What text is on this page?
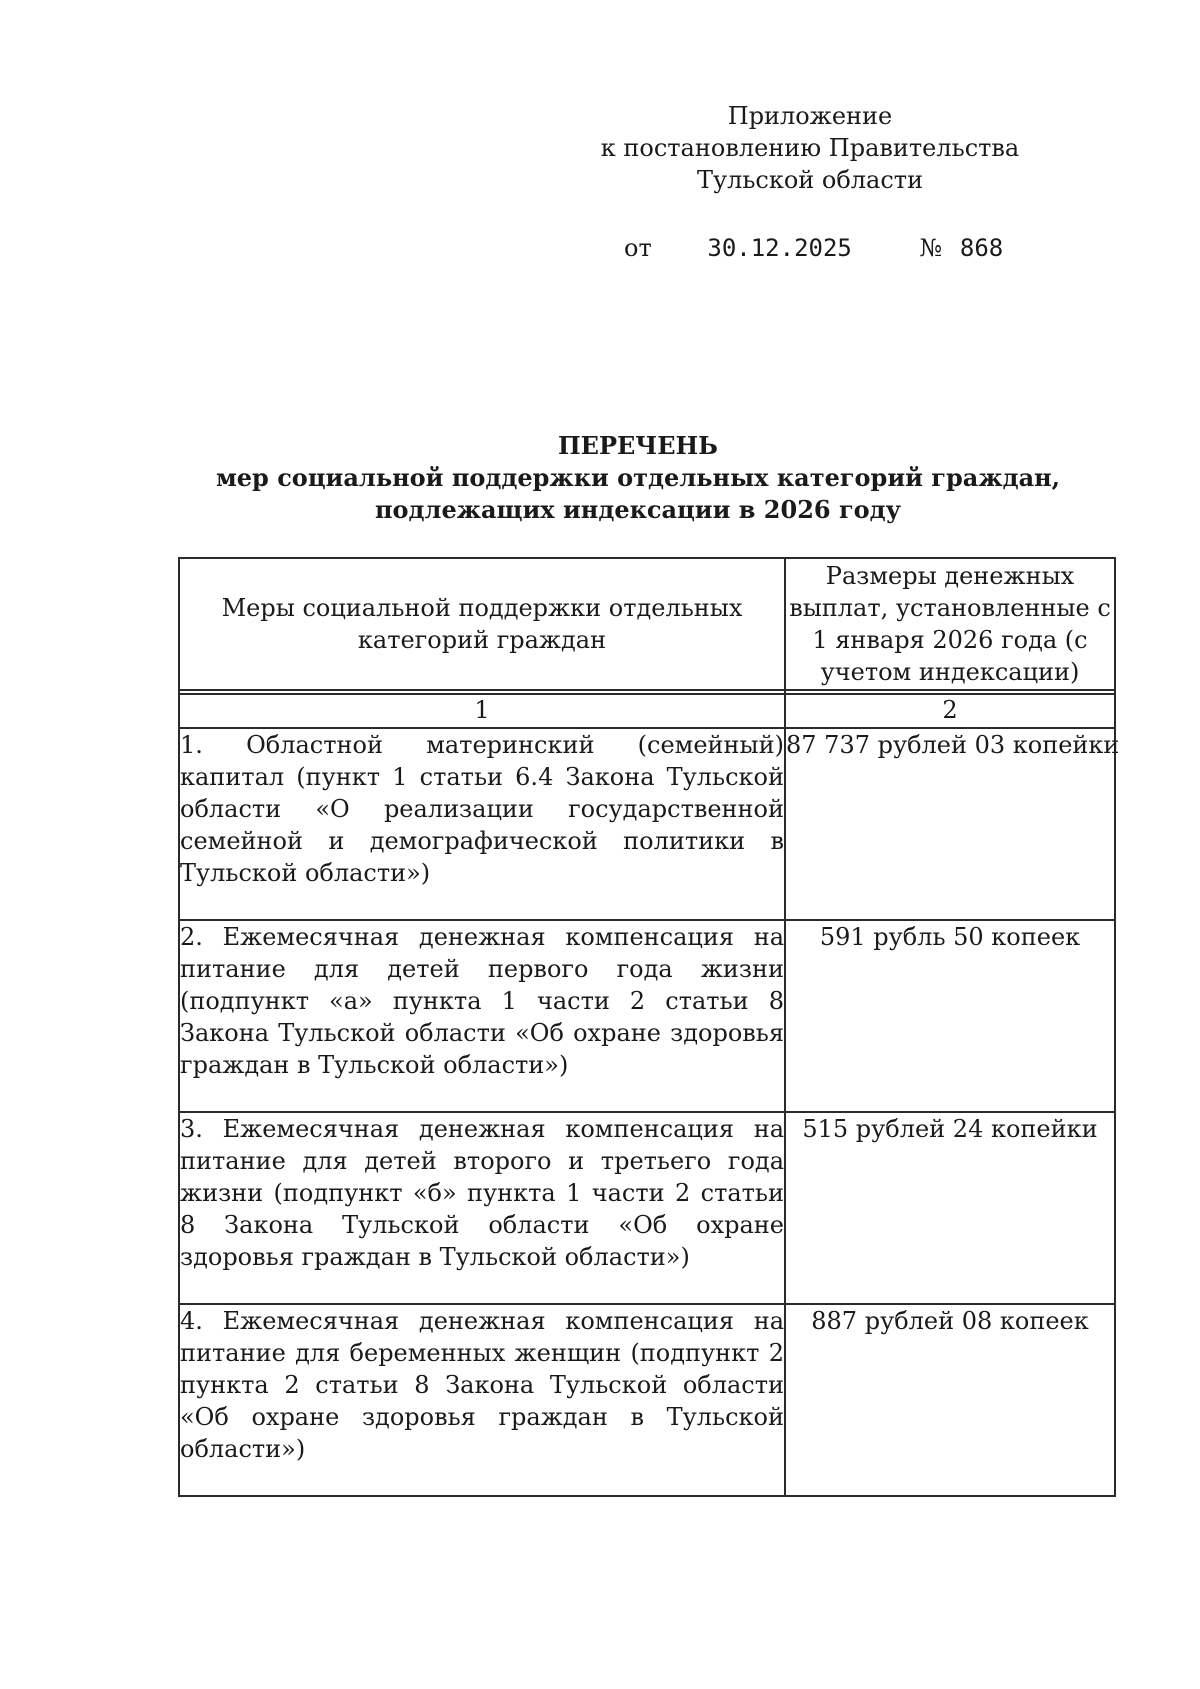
Приложение
к постановлению Правительства
Тульской области
от 30.12.2025	№ 868
ПЕРЕЧЕНЬ
мер социальной поддержки отдельных категорий граждан,
подлежащих индексации в 2026 году
Меры социальной поддержки отдельных категорий граждан	Размеры денежных выплат, установленные с 1 января 2026 года (с учетом индексации)

1	2
1. Областной материнский (семейный) капитал (пункт 1 статьи 6.4 Закона Тульской области «О реализации государственной семейной и демографической политики в Тульской области»)	87 737 рублей 03 копейки
2. Ежемесячная денежная компенсация на питание для детей первого года жизни (подпункт «а» пункта 1 части 2 статьи 8 Закона Тульской области «Об охране здоровья граждан в Тульской области»)	591 рубль 50 копеек
3. Ежемесячная денежная компенсация на питание для детей второго и третьего года жизни (подпункт «б» пункта 1 части 2 статьи 8 Закона Тульской области «Об охране здоровья граждан в Тульской области»)	515 рублей 24 копейки
4. Ежемесячная денежная компенсация на питание для беременных женщин (подпункт 2 пункта 2 статьи 8 Закона Тульской области «Об охране здоровья граждан в Тульской области»)	887 рублей 08 копеек
